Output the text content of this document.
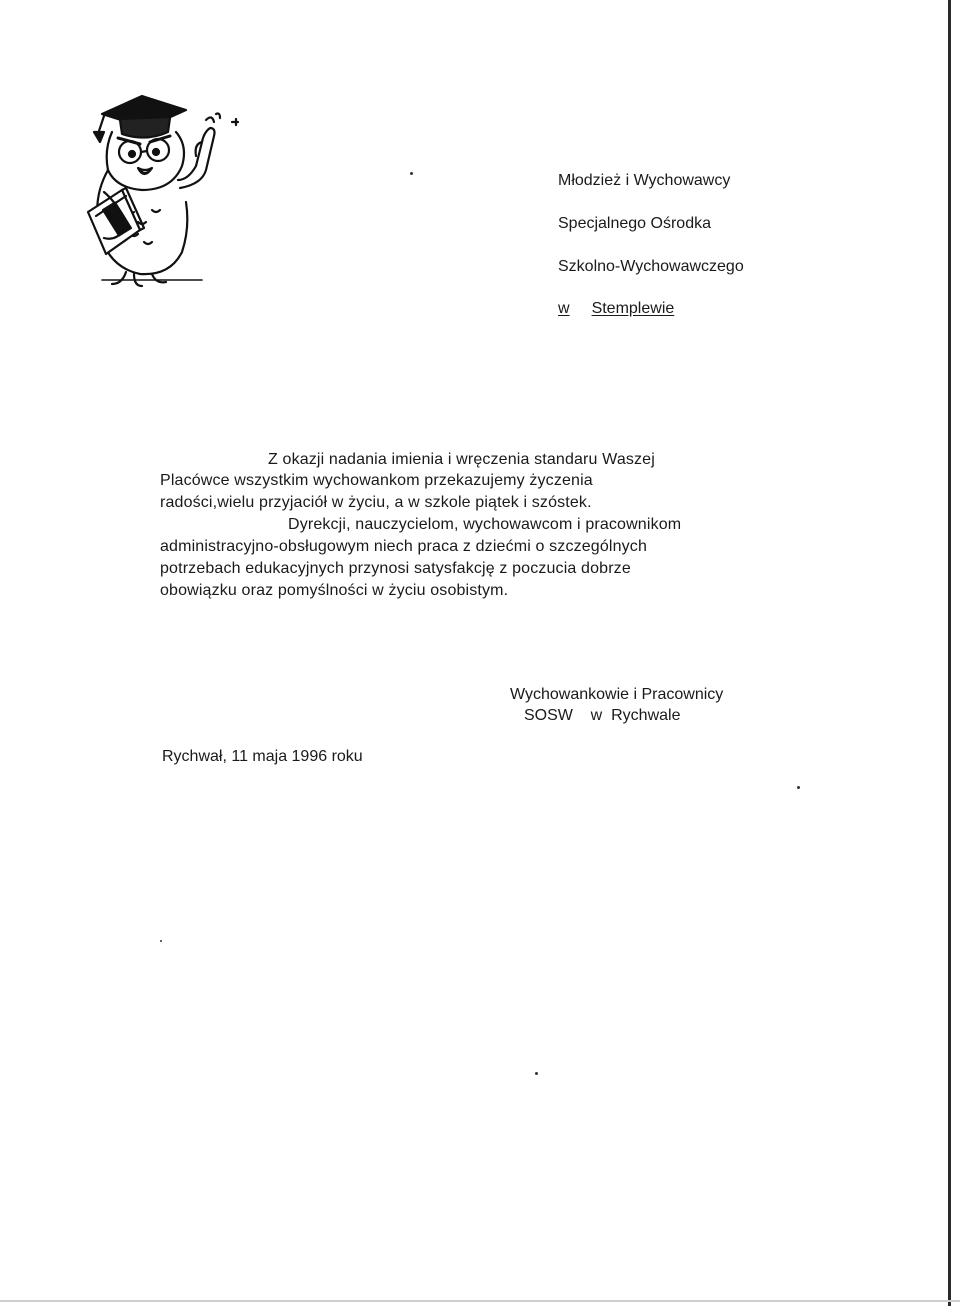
Młodzież i Wychowawcy
Specjalnego Ośrodka
Szkolno-Wychowawczego
w Stemplewie
Z okazji nadania imienia i wręczenia standaru Waszej
Placówce wszystkim wychowankom przekazujemy życzenia
radości,wielu przyjaciół w życiu, a w szkole piątek i szóstek.
Dyrekcji, nauczycielom, wychowawcom i pracownikom
administracyjno-obsługowym niech praca z dziećmi o szczególnych
potrzebach edukacyjnych przynosi satysfakcję z poczucia dobrze
obowiązku oraz pomyślności w życiu osobistym.
Wychowankowie i Pracownicy
SOSW    w  Rychwale
Rychwał, 11 maja 1996 roku
